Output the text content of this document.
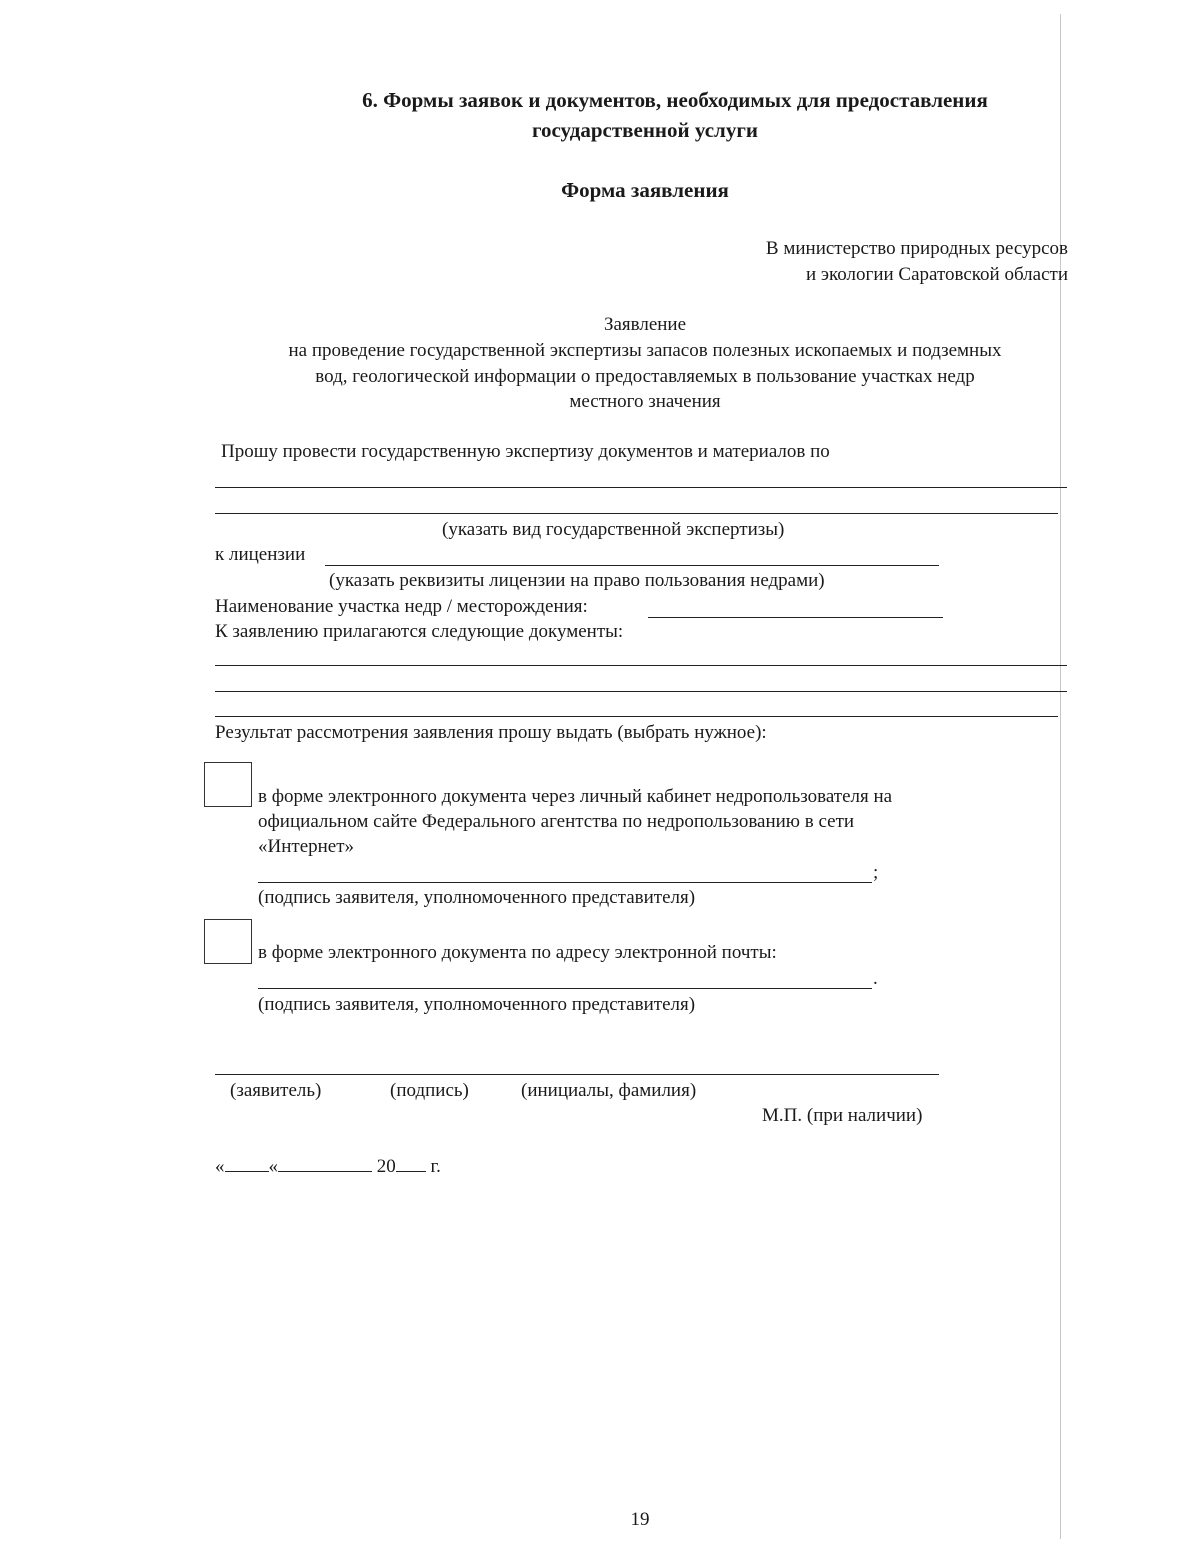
6. Формы заявок и документов, необходимых для предоставления
государственной услуги
Форма заявления
В министерство природных ресурсов
и экологии Саратовской области
Заявление
на проведение государственной экспертизы запасов полезных ископаемых и подземных
вод, геологической информации о предоставляемых в пользование участках недр
местного значения
Прошу провести государственную экспертизу документов и материалов по
(указать вид государственной экспертизы)
к лицензии
(указать реквизиты лицензии на право пользования недрами)
Наименование участка недр / месторождения:
К заявлению прилагаются следующие документы:
Результат рассмотрения заявления прошу выдать (выбрать нужное):
в форме электронного документа через личный кабинет недропользователя на
официальном сайте Федерального агентства по недропользованию в сети
«Интернет»
;
(подпись заявителя, уполномоченного представителя)
в форме электронного документа по адресу электронной почты:
.
(подпись заявителя, уполномоченного представителя)
(заявитель)	(подпись)	(инициалы, фамилия)
М.П. (при наличии)
« «	20 г.
19
